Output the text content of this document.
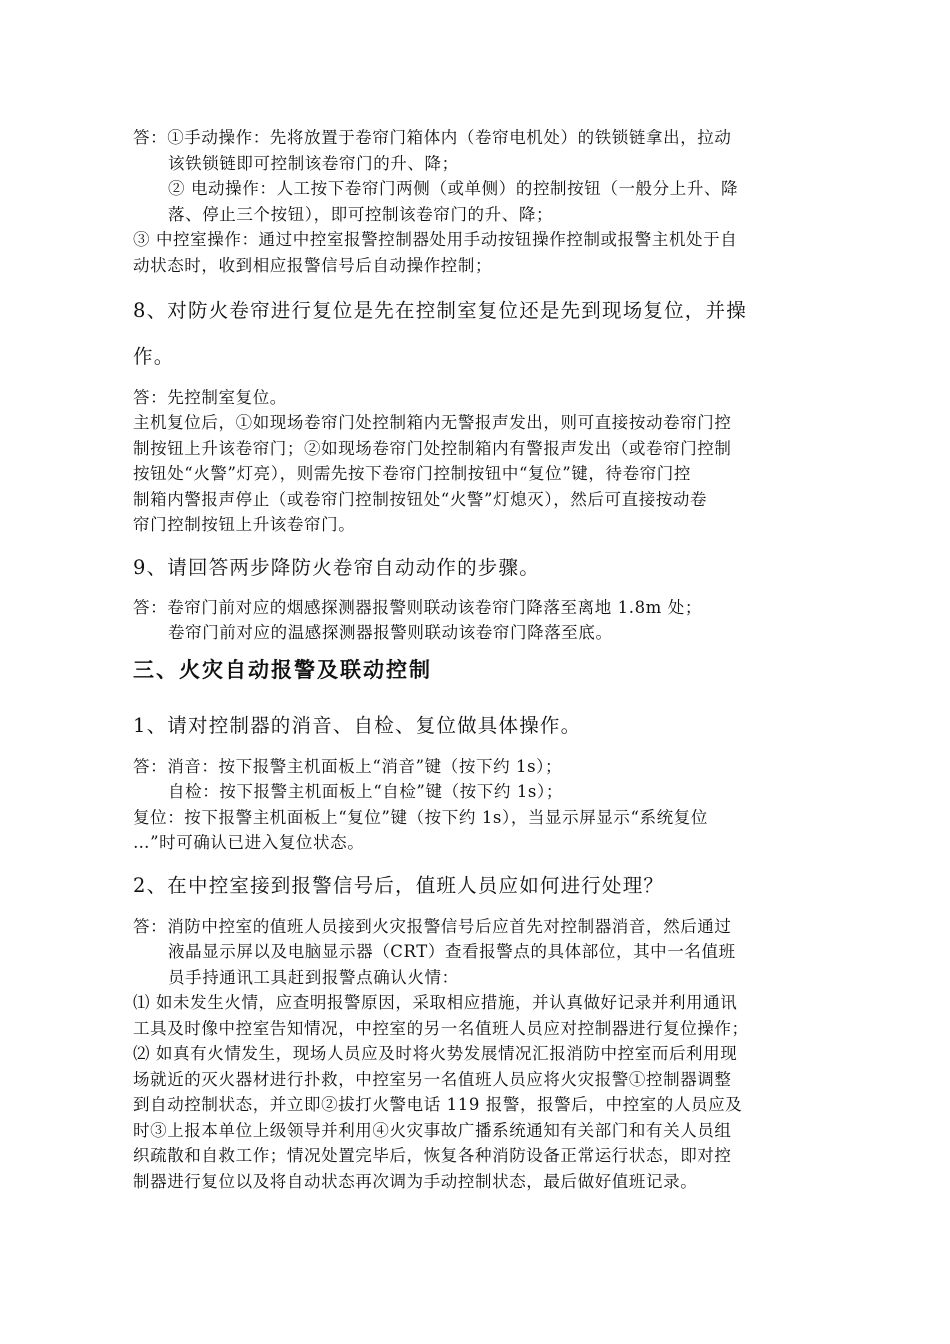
答：①手动操作：先将放置于卷帘门箱体内（卷帘电机处）的铁锁链拿出，拉动
该铁锁链即可控制该卷帘门的升、降；
② 电动操作：人工按下卷帘门两侧（或单侧）的控制按钮（一般分上升、降
落、停止三个按钮），即可控制该卷帘门的升、降；
③ 中控室操作：通过中控室报警控制器处用手动按钮操作控制或报警主机处于自
动状态时，收到相应报警信号后自动操作控制；
8、对防火卷帘进行复位是先在控制室复位还是先到现场复位，并操
作。
答：先控制室复位。
主机复位后，①如现场卷帘门处控制箱内无警报声发出，则可直接按动卷帘门控
制按钮上升该卷帘门；②如现场卷帘门处控制箱内有警报声发出（或卷帘门控制
按钮处“火警”灯亮），则需先按下卷帘门控制按钮中“复位”键，待卷帘门控
制箱内警报声停止（或卷帘门控制按钮处“火警”灯熄灭），然后可直接按动卷
帘门控制按钮上升该卷帘门。
9、请回答两步降防火卷帘自动动作的步骤。
答：卷帘门前对应的烟感探测器报警则联动该卷帘门降落至离地 1.8m 处；
卷帘门前对应的温感探测器报警则联动该卷帘门降落至底。
三、火灾自动报警及联动控制
1、请对控制器的消音、自检、复位做具体操作。
答：消音：按下报警主机面板上“消音”键（按下约 1s）；
自检：按下报警主机面板上“自检”键（按下约 1s）；
复位：按下报警主机面板上“复位”键（按下约 1s），当显示屏显示“系统复位
…”时可确认已进入复位状态。
2、在中控室接到报警信号后，值班人员应如何进行处理？
答：消防中控室的值班人员接到火灾报警信号后应首先对控制器消音，然后通过
液晶显示屏以及电脑显示器（CRT）查看报警点的具体部位，其中一名值班
员手持通讯工具赶到报警点确认火情：
⑴ 如未发生火情，应查明报警原因，采取相应措施，并认真做好记录并利用通讯
工具及时像中控室告知情况，中控室的另一名值班人员应对控制器进行复位操作；
⑵ 如真有火情发生，现场人员应及时将火势发展情况汇报消防中控室而后利用现
场就近的灭火器材进行扑救，中控室另一名值班人员应将火灾报警①控制器调整
到自动控制状态，并立即②拔打火警电话 119 报警，报警后，中控室的人员应及
时③上报本单位上级领导并利用④火灾事故广播系统通知有关部门和有关人员组
织疏散和自救工作；情况处置完毕后，恢复各种消防设备正常运行状态，即对控
制器进行复位以及将自动状态再次调为手动控制状态，最后做好值班记录。
